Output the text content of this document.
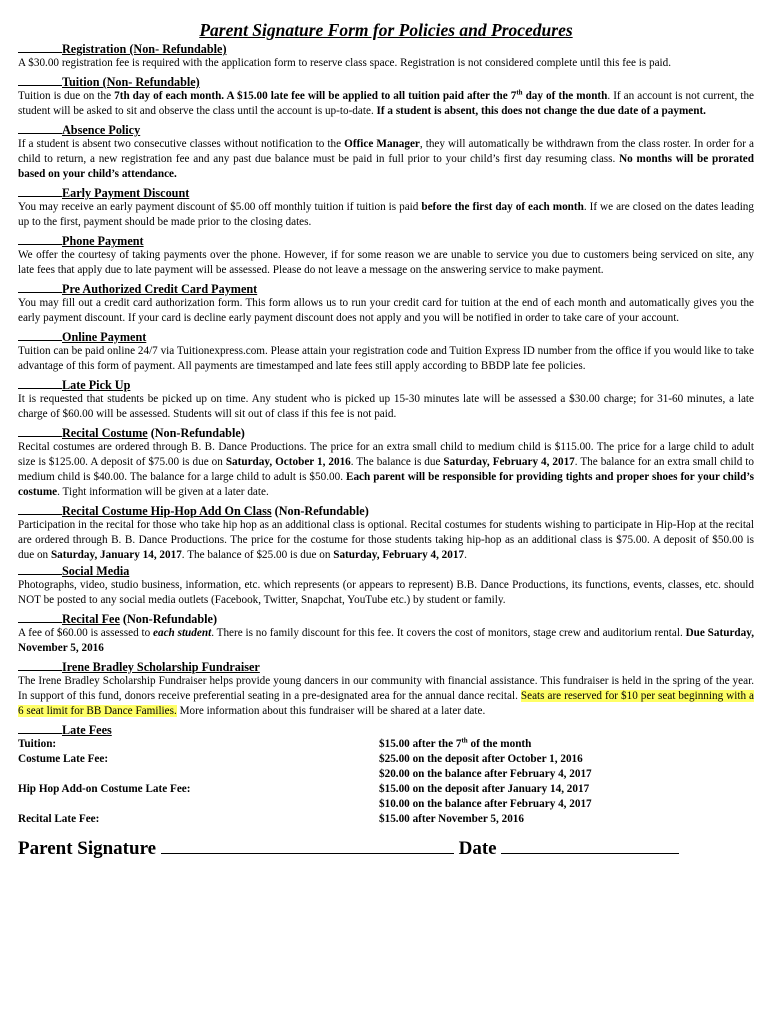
Parent Signature Form for Policies and Procedures
Registration (Non- Refundable)
A $30.00 registration fee is required with the application form to reserve class space. Registration is not considered complete until this fee is paid.
Tuition (Non- Refundable)
Tuition is due on the 7th day of each month. A $15.00 late fee will be applied to all tuition paid after the 7th day of the month. If an account is not current, the student will be asked to sit and observe the class until the account is up-to-date. If a student is absent, this does not change the due date of a payment.
Absence Policy
If a student is absent two consecutive classes without notification to the Office Manager, they will automatically be withdrawn from the class roster. In order for a child to return, a new registration fee and any past due balance must be paid in full prior to your child’s first day resuming class. No months will be prorated based on your child’s attendance.
Early Payment Discount
You may receive an early payment discount of $5.00 off monthly tuition if tuition is paid before the first day of each month. If we are closed on the dates leading up to the first, payment should be made prior to the closing dates.
Phone Payment
We offer the courtesy of taking payments over the phone. However, if for some reason we are unable to service you due to customers being serviced on site, any late fees that apply due to late payment will be assessed. Please do not leave a message on the answering service to make payment.
Pre Authorized Credit Card Payment
You may fill out a credit card authorization form. This form allows us to run your credit card for tuition at the end of each month and automatically gives you the early payment discount. If your card is decline early payment discount does not apply and you will be notified in order to take care of your account.
Online Payment
Tuition can be paid online 24/7 via Tuitionexpress.com. Please attain your registration code and Tuition Express ID number from the office if you would like to take advantage of this form of payment. All payments are timestamped and late fees still apply according to BBDP late fee policies.
Late Pick Up
It is requested that students be picked up on time. Any student who is picked up 15-30 minutes late will be assessed a $30.00 charge; for 31-60 minutes, a late charge of $60.00 will be assessed. Students will sit out of class if this fee is not paid.
Recital Costume (Non-Refundable)
Recital costumes are ordered through B. B. Dance Productions. The price for an extra small child to medium child is $115.00. The price for a large child to adult size is $125.00. A deposit of $75.00 is due on Saturday, October 1, 2016. The balance is due Saturday, February 4, 2017. The balance for an extra small child to medium child is $40.00. The balance for a large child to adult is $50.00. Each parent will be responsible for providing tights and proper shoes for your child’s costume. Tight information will be given at a later date.
Recital Costume Hip-Hop Add On Class (Non-Refundable)
Participation in the recital for those who take hip hop as an additional class is optional. Recital costumes for students wishing to participate in Hip-Hop at the recital are ordered through B. B. Dance Productions. The price for the costume for those students taking hip-hop as an additional class is $75.00. A deposit of $50.00 is due on Saturday, January 14, 2017. The balance of $25.00 is due on Saturday, February 4, 2017.
Social Media
Photographs, video, studio business, information, etc. which represents (or appears to represent) B.B. Dance Productions, its functions, events, classes, etc. should NOT be posted to any social media outlets (Facebook, Twitter, Snapchat, YouTube etc.) by student or family.
Recital Fee (Non-Refundable)
A fee of $60.00 is assessed to each student. There is no family discount for this fee. It covers the cost of monitors, stage crew and auditorium rental. Due Saturday, November 5, 2016
Irene Bradley Scholarship Fundraiser
The Irene Bradley Scholarship Fundraiser helps provide young dancers in our community with financial assistance. This fundraiser is held in the spring of the year. In support of this fund, donors receive preferential seating in a pre-designated area for the annual dance recital. Seats are reserved for $10 per seat beginning with a 6 seat limit for BB Dance Families. More information about this fundraiser will be shared at a later date.
Late Fees
Tuition:	$15.00 after the 7th of the month
Costume Late Fee:	$25.00 on the deposit after October 1, 2016
$20.00 on the balance after February 4, 2017
Hip Hop Add-on Costume Late Fee:	$15.00 on the deposit after January 14, 2017
$10.00 on the balance after February 4, 2017
Recital Late Fee:	$15.00 after November 5, 2016
Parent Signature	Date
